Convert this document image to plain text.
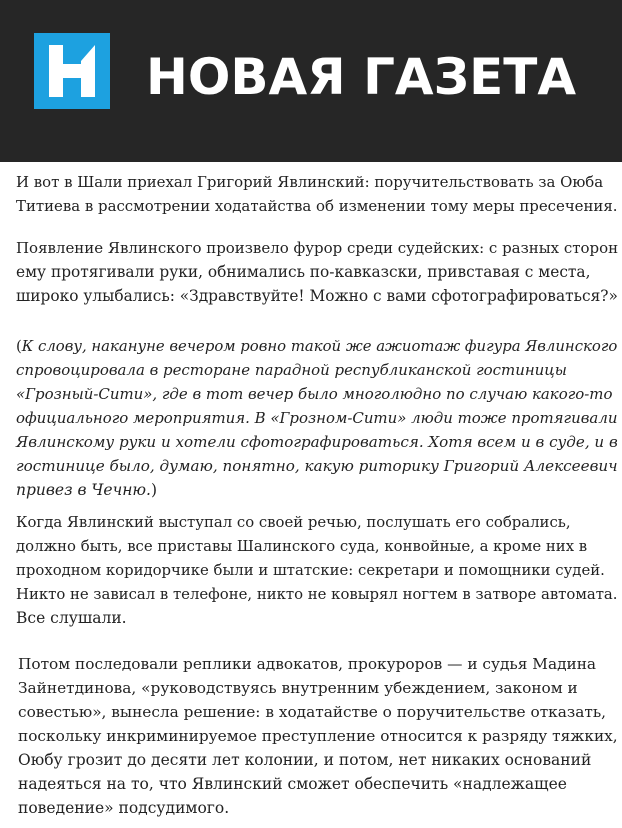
НОВАЯ ГАЗЕТА
И вот в Шали приехал Григорий Явлинский: поручительствовать за Оюба
Титиева в рассмотрении ходатайства об изменении тому меры пресечения.
Появление Явлинского произвело фурор среди судейских: с разных сторон
ему протягивали руки, обнимались по-кавказски, привставая с места,
широко улыбались: «Здравствуйте! Можно с вами сфотографироваться?»
(К слову, накануне вечером ровно такой же ажиотаж фигура Явлинского
спровоцировала в ресторане парадной республиканской гостиницы
«Грозный-Сити», где в тот вечер было многолюдно по случаю какого-то
официального мероприятия. В «Грозном-Сити» люди тоже протягивали
Явлинскому руки и хотели сфотографироваться. Хотя всем и в суде, и в
гостинице было, думаю, понятно, какую риторику Григорий Алексеевич
привез в Чечню.)
Когда Явлинский выступал со своей речью, послушать его собрались,
должно быть, все приставы Шалинского суда, конвойные, а кроме них в
проходном коридорчике были и штатские: секретари и помощники судей.
Никто не зависал в телефоне, никто не ковырял ногтем в затворе автомата.
Все слушали.
Потом последовали реплики адвокатов, прокуроров — и судья Мадина
Зайнетдинова, «руководствуясь внутренним убеждением, законом и
совестью», вынесла решение: в ходатайстве о поручительстве отказать,
поскольку инкриминируемое преступление относится к разряду тяжких,
Оюбу грозит до десяти лет колонии, и потом, нет никаких оснований
надеяться на то, что Явлинский сможет обеспечить «надлежащее
поведение» подсудимого.
